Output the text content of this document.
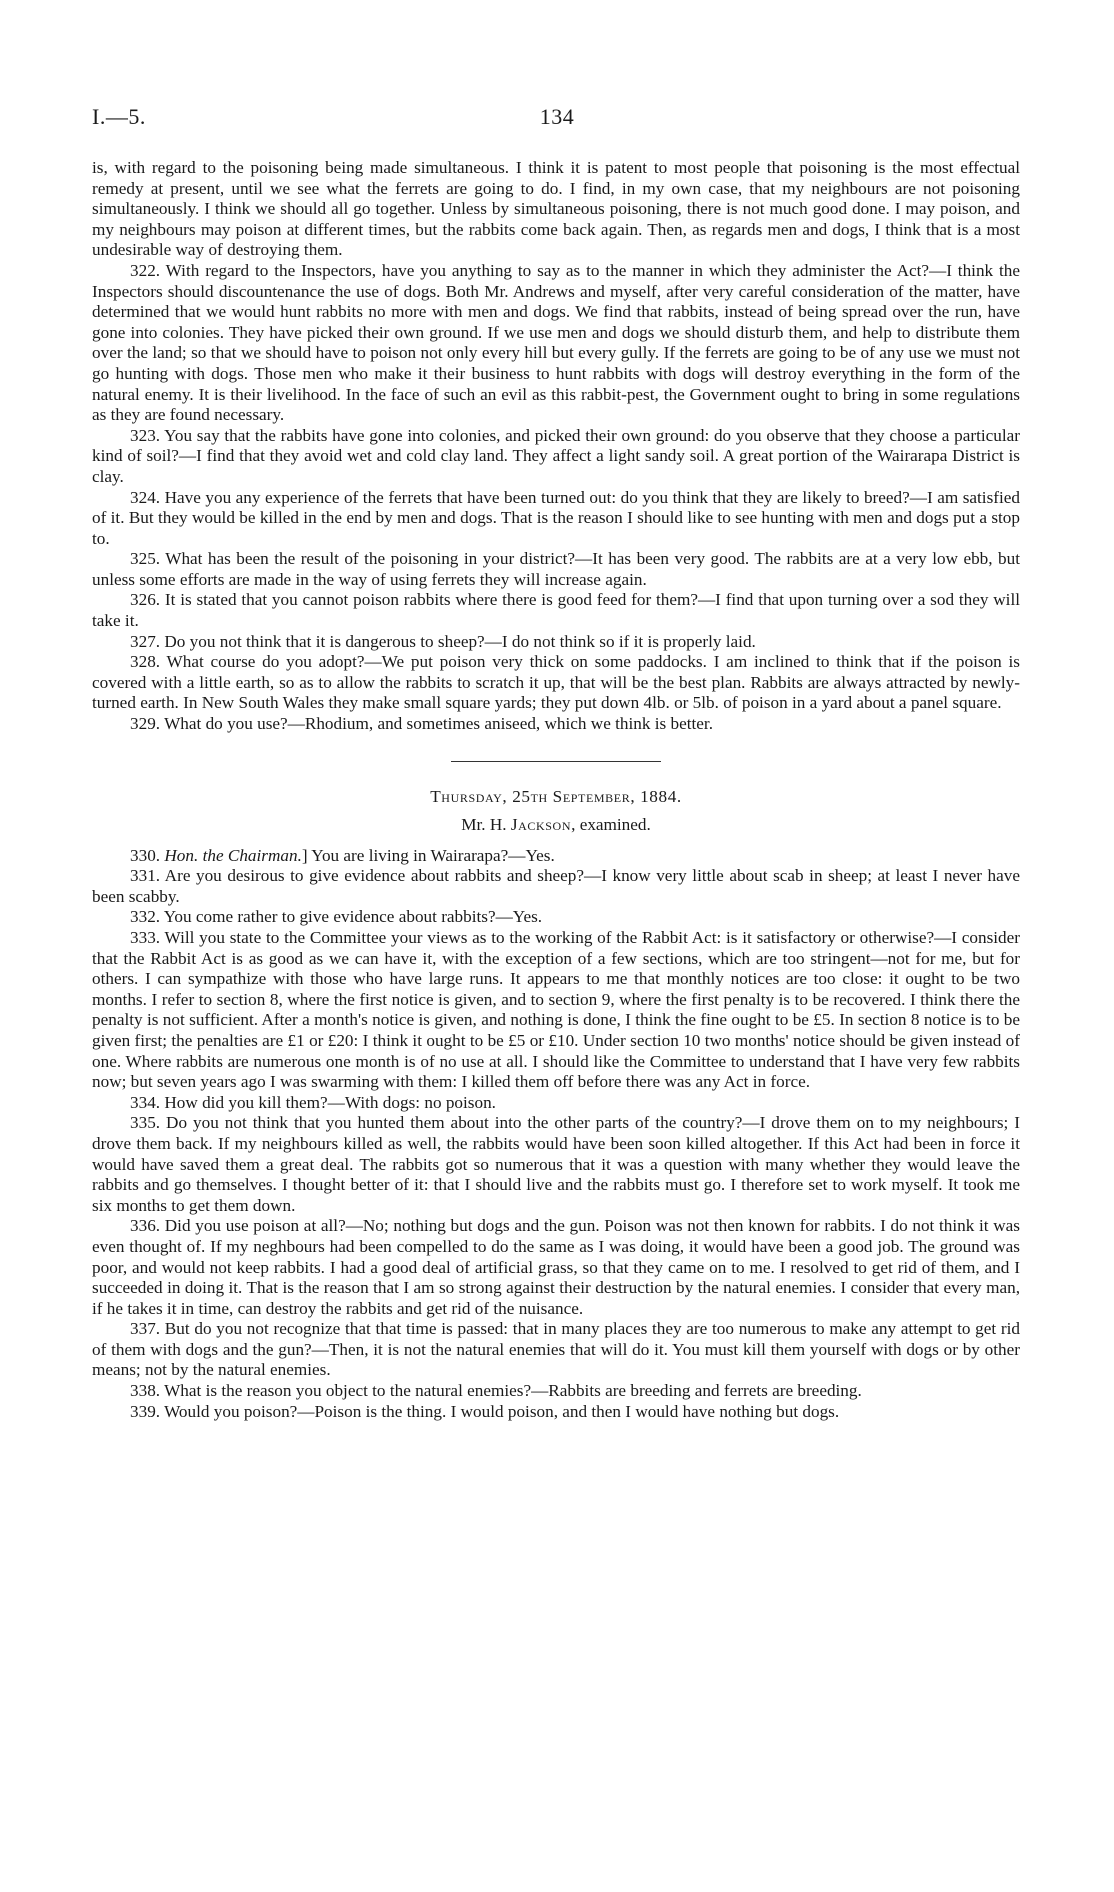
I.—5.	134

is, with regard to the poisoning being made simultaneous. I think it is patent to most people that poisoning is the most effectual remedy at present, until we see what the ferrets are going to do. I find, in my own case, that my neighbours are not poisoning simultaneously. I think we should all go together. Unless by simultaneous poisoning, there is not much good done. I may poison, and my neighbours may poison at different times, but the rabbits come back again. Then, as regards men and dogs, I think that is a most undesirable way of destroying them.

322. With regard to the Inspectors, have you anything to say as to the manner in which they administer the Act?—I think the Inspectors should discountenance the use of dogs. Both Mr. Andrews and myself, after very careful consideration of the matter, have determined that we would hunt rabbits no more with men and dogs. We find that rabbits, instead of being spread over the run, have gone into colonies. They have picked their own ground. If we use men and dogs we should disturb them, and help to distribute them over the land; so that we should have to poison not only every hill but every gully. If the ferrets are going to be of any use we must not go hunting with dogs. Those men who make it their business to hunt rabbits with dogs will destroy everything in the form of the natural enemy. It is their livelihood. In the face of such an evil as this rabbit-pest, the Government ought to bring in some regulations as they are found necessary.

323. You say that the rabbits have gone into colonies, and picked their own ground: do you observe that they choose a particular kind of soil?—I find that they avoid wet and cold clay land. They affect a light sandy soil. A great portion of the Wairarapa District is clay.

324. Have you any experience of the ferrets that have been turned out: do you think that they are likely to breed?—I am satisfied of it. But they would be killed in the end by men and dogs. That is the reason I should like to see hunting with men and dogs put a stop to.

325. What has been the result of the poisoning in your district?—It has been very good. The rabbits are at a very low ebb, but unless some efforts are made in the way of using ferrets they will increase again.

326. It is stated that you cannot poison rabbits where there is good feed for them?—I find that upon turning over a sod they will take it.

327. Do you not think that it is dangerous to sheep?—I do not think so if it is properly laid.

328. What course do you adopt?—We put poison very thick on some paddocks. I am inclined to think that if the poison is covered with a little earth, so as to allow the rabbits to scratch it up, that will be the best plan. Rabbits are always attracted by newly-turned earth. In New South Wales they make small square yards; they put down 4lb. or 5lb. of poison in a yard about a panel square.

329. What do you use?—Rhodium, and sometimes aniseed, which we think is better.

Thursday, 25th September, 1884.
Mr. H. Jackson, examined.

330. Hon. the Chairman.] You are living in Wairarapa?—Yes.

331. Are you desirous to give evidence about rabbits and sheep?—I know very little about scab in sheep; at least I never have been scabby.

332. You come rather to give evidence about rabbits?—Yes.

333. Will you state to the Committee your views as to the working of the Rabbit Act: is it satisfactory or otherwise?—I consider that the Rabbit Act is as good as we can have it, with the exception of a few sections, which are too stringent—not for me, but for others. I can sympathize with those who have large runs. It appears to me that monthly notices are too close: it ought to be two months. I refer to section 8, where the first notice is given, and to section 9, where the first penalty is to be recovered. I think there the penalty is not sufficient. After a month's notice is given, and nothing is done, I think the fine ought to be £5. In section 8 notice is to be given first; the penalties are £1 or £20: I think it ought to be £5 or £10. Under section 10 two months' notice should be given instead of one. Where rabbits are numerous one month is of no use at all. I should like the Committee to understand that I have very few rabbits now; but seven years ago I was swarming with them: I killed them off before there was any Act in force.

334. How did you kill them?—With dogs: no poison.

335. Do you not think that you hunted them about into the other parts of the country?—I drove them on to my neighbours; I drove them back. If my neighbours killed as well, the rabbits would have been soon killed altogether. If this Act had been in force it would have saved them a great deal. The rabbits got so numerous that it was a question with many whether they would leave the rabbits and go themselves. I thought better of it: that I should live and the rabbits must go. I therefore set to work myself. It took me six months to get them down.

336. Did you use poison at all?—No; nothing but dogs and the gun. Poison was not then known for rabbits. I do not think it was even thought of. If my neghbours had been compelled to do the same as I was doing, it would have been a good job. The ground was poor, and would not keep rabbits. I had a good deal of artificial grass, so that they came on to me. I resolved to get rid of them, and I succeeded in doing it. That is the reason that I am so strong against their destruction by the natural enemies. I consider that every man, if he takes it in time, can destroy the rabbits and get rid of the nuisance.

337. But do you not recognize that that time is passed: that in many places they are too numerous to make any attempt to get rid of them with dogs and the gun?—Then, it is not the natural enemies that will do it. You must kill them yourself with dogs or by other means; not by the natural enemies.

338. What is the reason you object to the natural enemies?—Rabbits are breeding and ferrets are breeding.

339. Would you poison?—Poison is the thing. I would poison, and then I would have nothing but dogs.
